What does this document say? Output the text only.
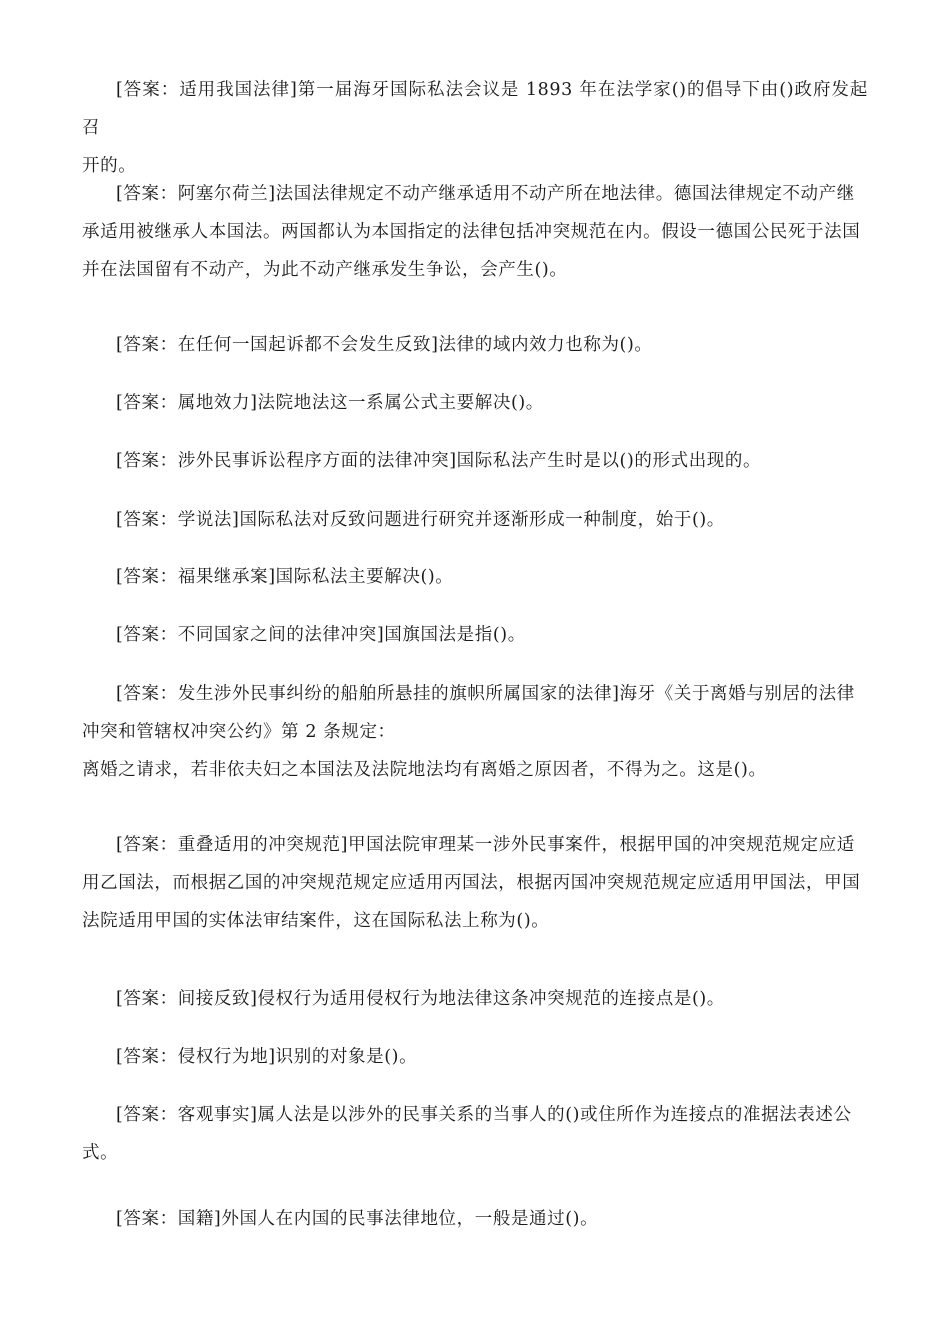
[答案：适用我国法律]第一届海牙国际私法会议是 1893 年在法学家()的倡导下由()政府发起召
开的。

[答案：阿塞尔荷兰]法国法律规定不动产继承适用不动产所在地法律。德国法律规定不动产继
承适用被继承人本国法。两国都认为本国指定的法律包括冲突规范在内。假设一德国公民死于法国
并在法国留有不动产，为此不动产继承发生争讼，会产生()。

[答案：在任何一国起诉都不会发生反致]法律的域内效力也称为()。

[答案：属地效力]法院地法这一系属公式主要解决()。

[答案：涉外民事诉讼程序方面的法律冲突]国际私法产生时是以()的形式出现的。

[答案：学说法]国际私法对反致问题进行研究并逐渐形成一种制度，始于()。

[答案：福果继承案]国际私法主要解决()。

[答案：不同国家之间的法律冲突]国旗国法是指()。

[答案：发生涉外民事纠纷的船舶所悬挂的旗帜所属国家的法律]海牙《关于离婚与别居的法律
冲突和管辖权冲突公约》第 2 条规定：
离婚之请求，若非依夫妇之本国法及法院地法均有离婚之原因者，不得为之。这是()。

[答案：重叠适用的冲突规范]甲国法院审理某一涉外民事案件，根据甲国的冲突规范规定应适
用乙国法，而根据乙国的冲突规范规定应适用丙国法，根据丙国冲突规范规定应适用甲国法，甲国
法院适用甲国的实体法审结案件，这在国际私法上称为()。

[答案：间接反致]侵权行为适用侵权行为地法律这条冲突规范的连接点是()。

[答案：侵权行为地]识别的对象是()。

[答案：客观事实]属人法是以涉外的民事关系的当事人的()或住所作为连接点的准据法表述公
式。

[答案：国籍]外国人在内国的民事法律地位，一般是通过()。
